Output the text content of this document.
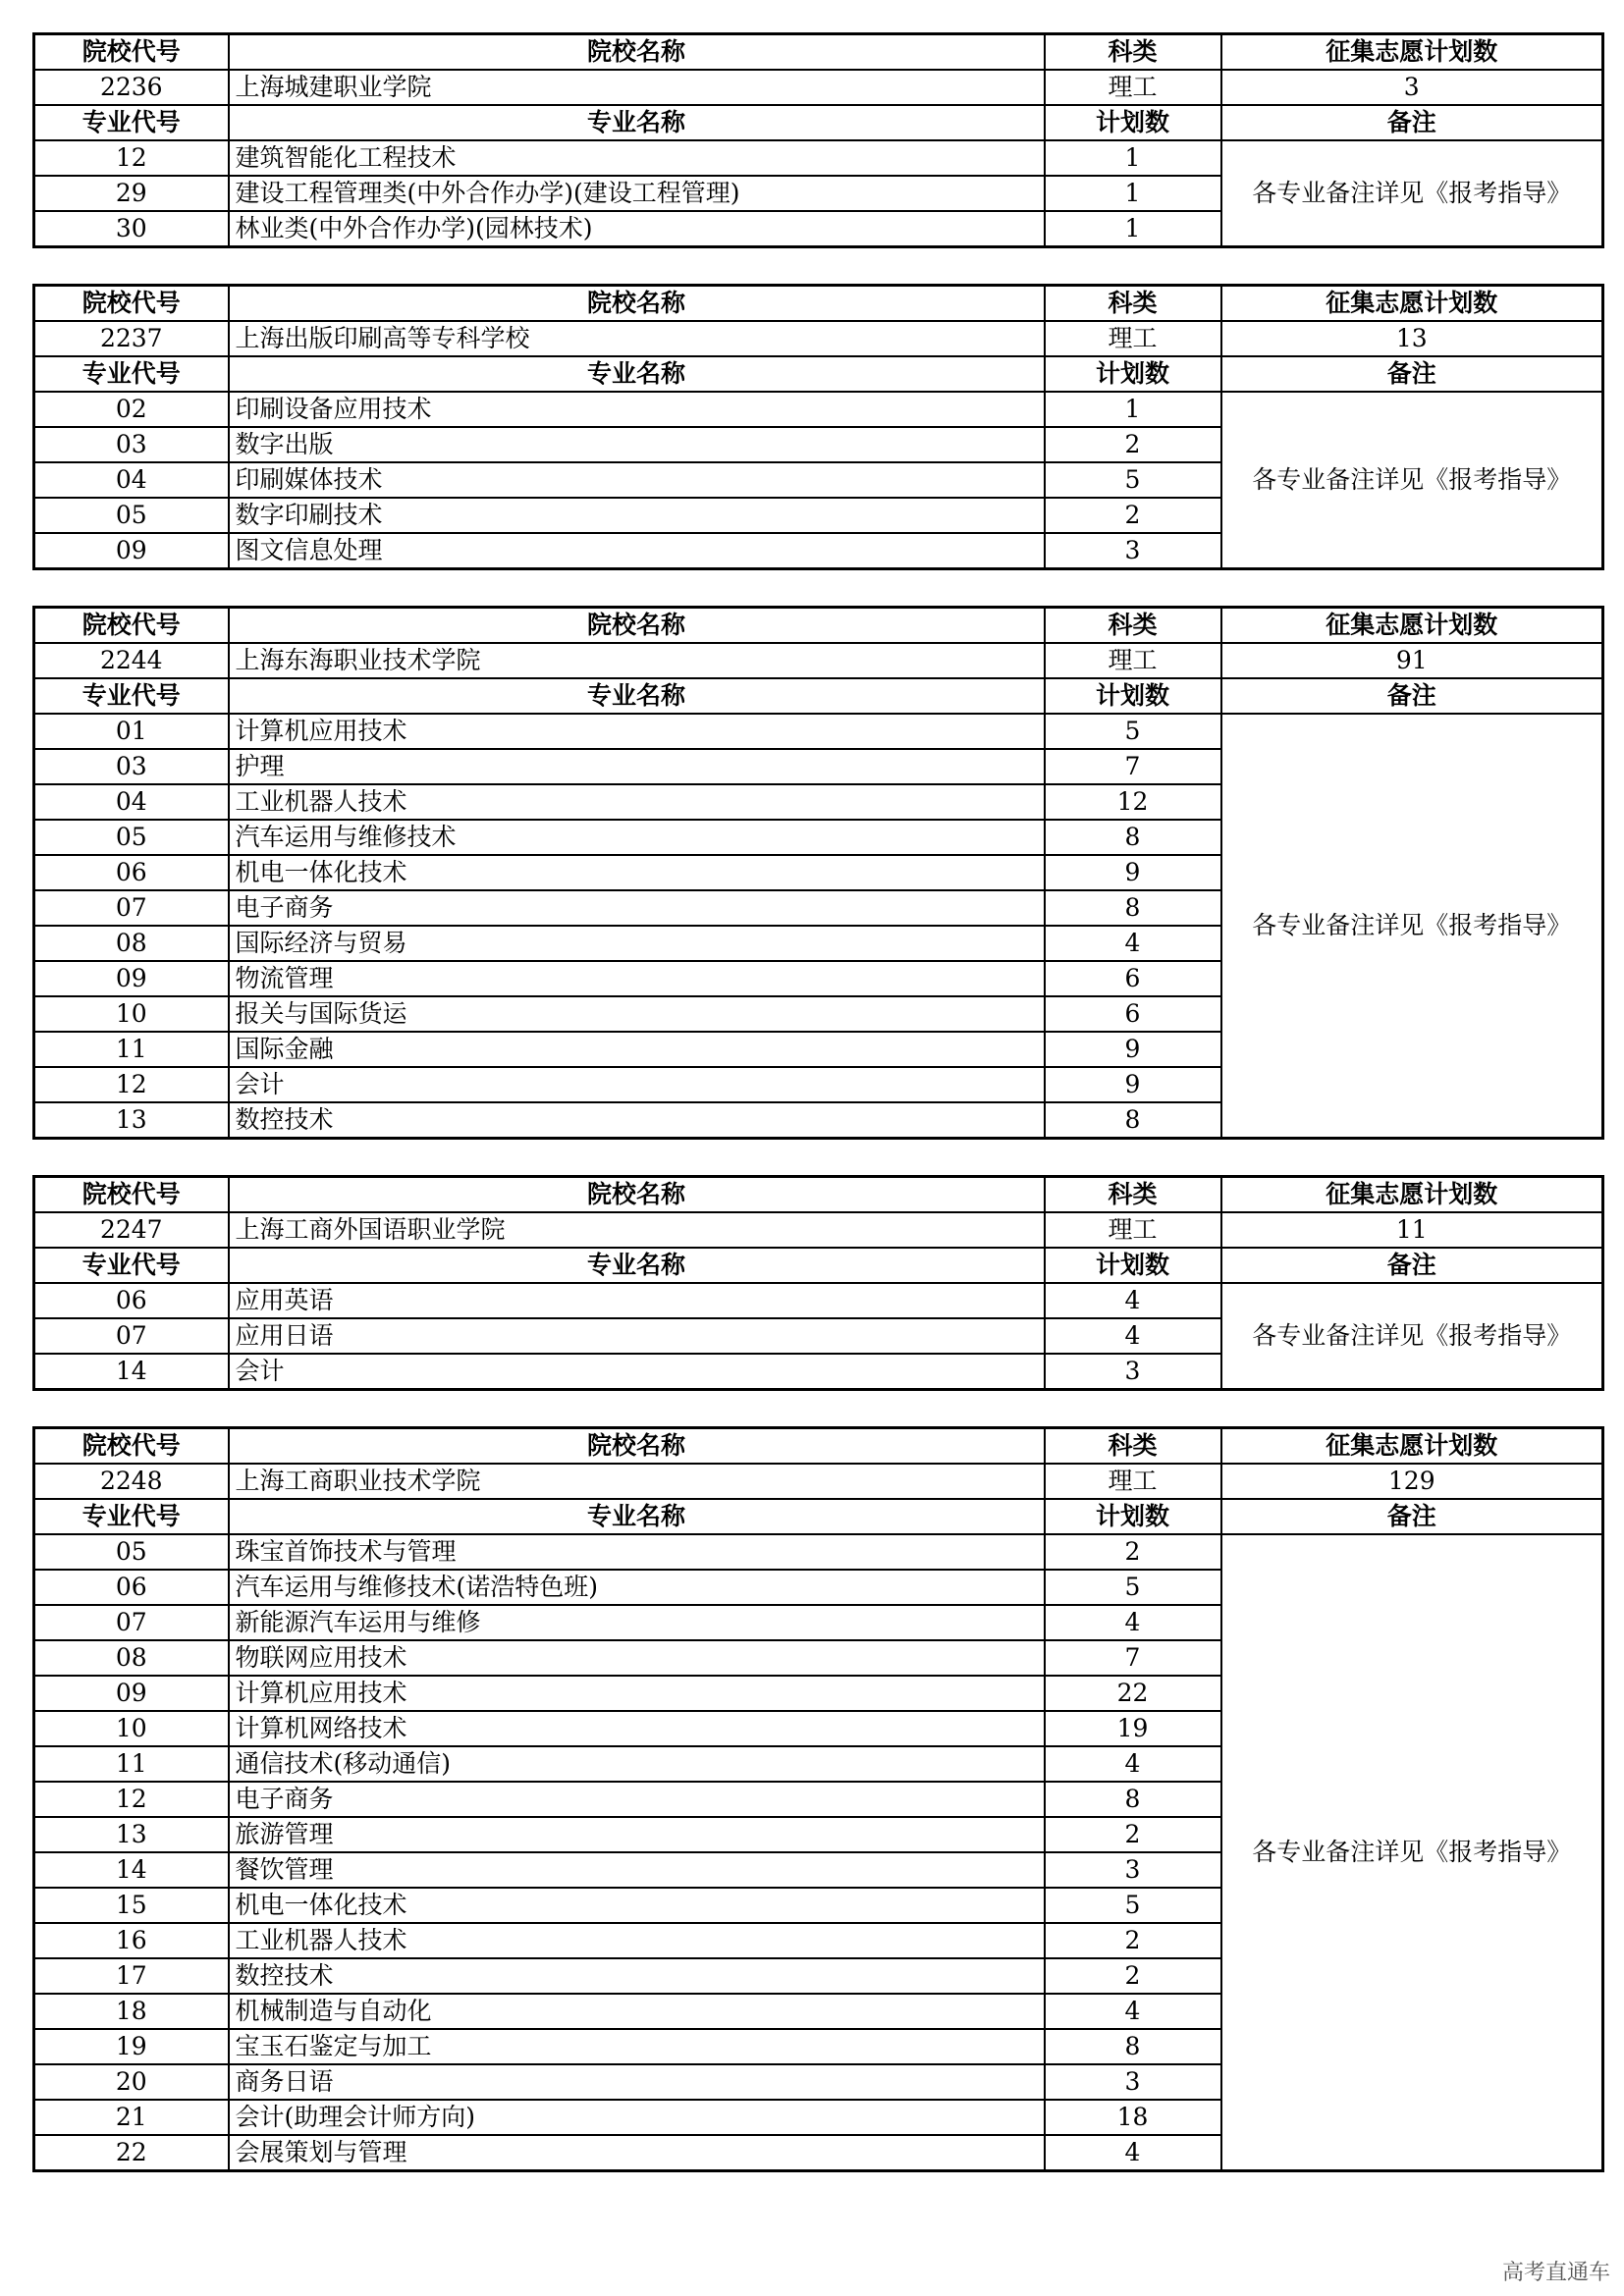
院校代号	院校名称	科类	征集志愿计划数
2236	上海城建职业学院	理工	3
专业代号	专业名称	计划数	备注
12	建筑智能化工程技术	1	各专业备注详见《报考指导》
29	建设工程管理类(中外合作办学)(建设工程管理)	1	
30	林业类(中外合作办学)(园林技术)	1	
院校代号	院校名称	科类	征集志愿计划数
2237	上海出版印刷高等专科学校	理工	13
专业代号	专业名称	计划数	备注
02	印刷设备应用技术	1	各专业备注详见《报考指导》
03	数字出版	2	
04	印刷媒体技术	5	
05	数字印刷技术	2	
09	图文信息处理	3	
院校代号	院校名称	科类	征集志愿计划数
2244	上海东海职业技术学院	理工	91
专业代号	专业名称	计划数	备注
01	计算机应用技术	5	各专业备注详见《报考指导》
03	护理	7	
04	工业机器人技术	12	
05	汽车运用与维修技术	8	
06	机电一体化技术	9	
07	电子商务	8	
08	国际经济与贸易	4	
09	物流管理	6	
10	报关与国际货运	6	
11	国际金融	9	
12	会计	9	
13	数控技术	8	
院校代号	院校名称	科类	征集志愿计划数
2247	上海工商外国语职业学院	理工	11
专业代号	专业名称	计划数	备注
06	应用英语	4	各专业备注详见《报考指导》
07	应用日语	4	
14	会计	3	
院校代号	院校名称	科类	征集志愿计划数
2248	上海工商职业技术学院	理工	129
专业代号	专业名称	计划数	备注
05	珠宝首饰技术与管理	2	各专业备注详见《报考指导》
06	汽车运用与维修技术(诺浩特色班)	5	
07	新能源汽车运用与维修	4	
08	物联网应用技术	7	
09	计算机应用技术	22	
10	计算机网络技术	19	
11	通信技术(移动通信)	4	
12	电子商务	8	
13	旅游管理	2	
14	餐饮管理	3	
15	机电一体化技术	5	
16	工业机器人技术	2	
17	数控技术	2	
18	机械制造与自动化	4	
19	宝玉石鉴定与加工	8	
20	商务日语	3	
21	会计(助理会计师方向)	18	
22	会展策划与管理	4	
高考直通车
